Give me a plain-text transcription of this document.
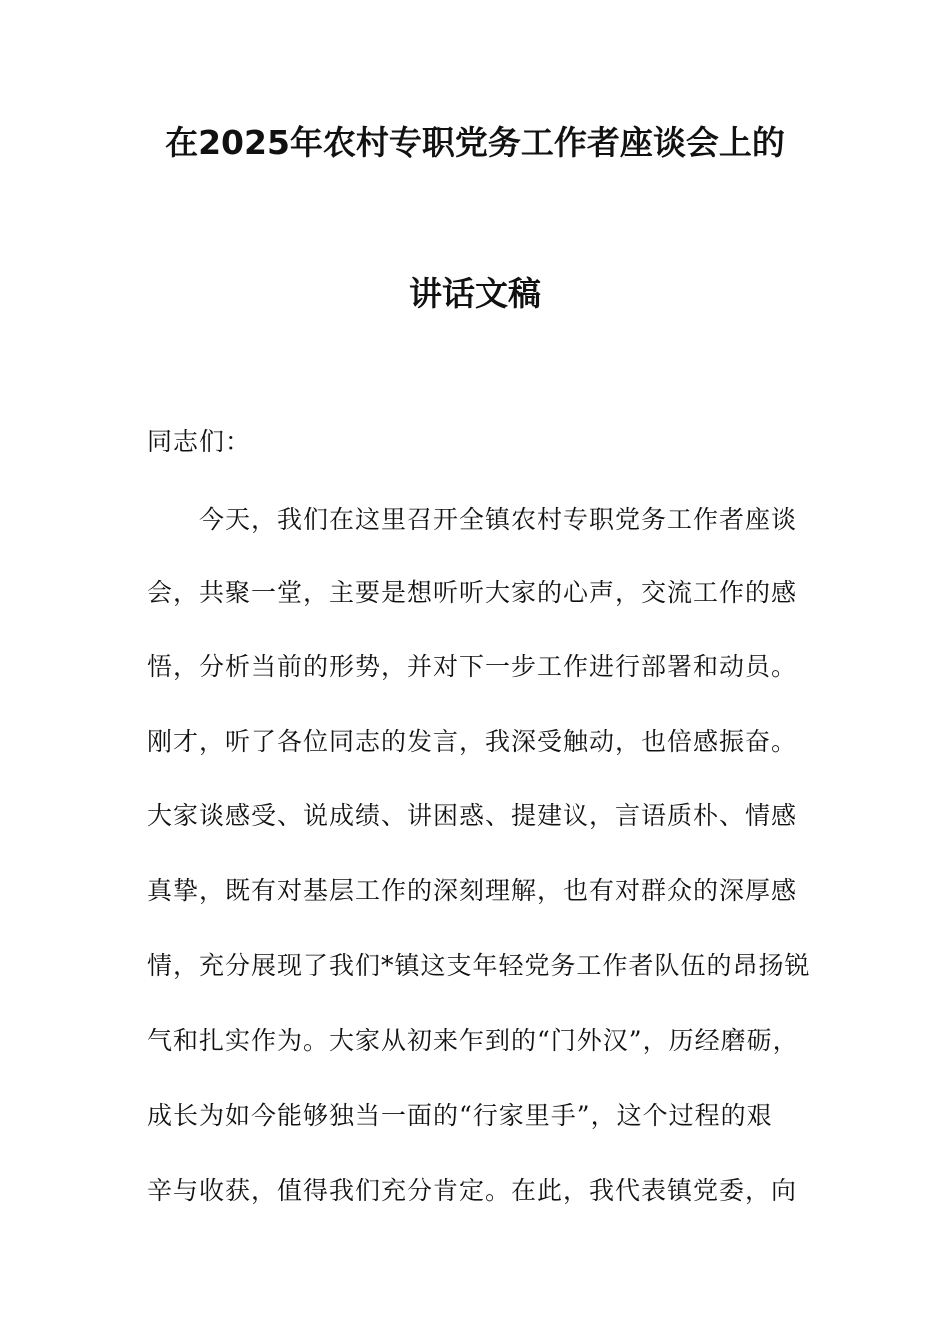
在2025年农村专职党务工作者座谈会上的
讲话文稿
同志们：
　　今天，我们在这里召开全镇农村专职党务工作者座谈
会，共聚一堂，主要是想听听大家的心声，交流工作的感
悟，分析当前的形势，并对下一步工作进行部署和动员。
刚才，听了各位同志的发言，我深受触动，也倍感振奋。
大家谈感受、说成绩、讲困惑、提建议，言语质朴、情感
真挚，既有对基层工作的深刻理解，也有对群众的深厚感
情，充分展现了我们*镇这支年轻党务工作者队伍的昂扬锐
气和扎实作为。大家从初来乍到的“门外汉”，历经磨砺，
成长为如今能够独当一面的“行家里手”，这个过程的艰
辛与收获，值得我们充分肯定。在此，我代表镇党委，向
